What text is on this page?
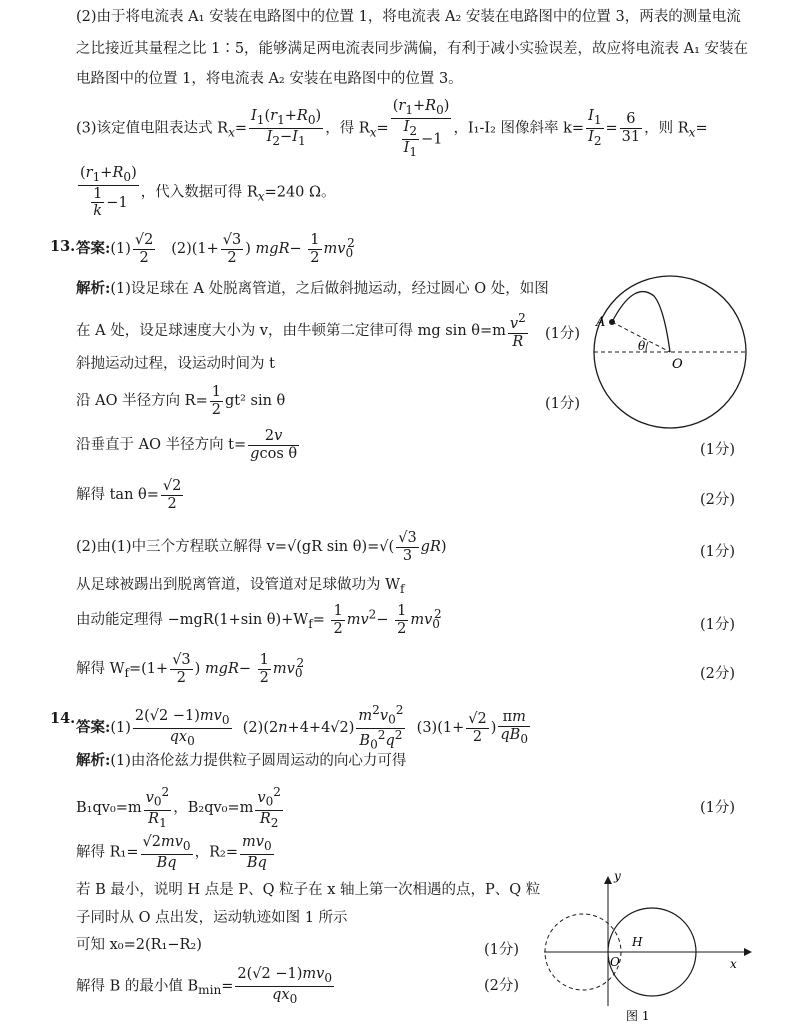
(2)由于将电流表 A₁ 安装在电路图中的位置 1，将电流表 A₂ 安装在电路图中的位置 3，两表的测量电流
之比接近其量程之比 1∶5，能够满足两电流表同步满偏，有利于减小实验误差，故应将电流表 A₁ 安装在
电路图中的位置 1，将电流表 A₂ 安装在电路图中的位置 3。
(3)该定值电阻表达式 $R_x= \frac{I_1(r_1+R_0)}{I_2-I_1}$ ，得 $R_x= \frac{(r_1+R_0)}{\frac{I_2}{I_1} -1}$ ，I₁-I₂ 图像斜率 $k= \frac{I_1}{I_2} = \frac{6}{31}$ ，则 $R_x=$
$\frac{(r_1+R_0)}{\frac{1}{k} -1}$ ，代入数据可得 $R_x=240$ Ω。
13. 答案:(1) $\frac{√2}{2} (2)(1+ \frac{√3}{2}$ ) $mgR- \frac{1}{2} mv_0^2$
解析:(1)设足球在 A 处脱离管道，之后做斜抛运动，经过圆心 O 处，如图
在 A 处，设足球速度大小为 v，由牛顿第二定律可得 mg $\sin \theta=m \frac{v^2}{R} (1$分)
斜抛运动过程，设运动时间为 t
沿 AO 半径方向 $R= \frac{1}{2} gt^2$ sin θ	(1分)
沿垂直于 AO 半径方向 $t= \frac{2v}{\text{gcos θ}}$	(1分)
解得 $\tan \theta= \frac{√2}{2}$	(2分)
(2)由(1)中三个方程联立解得 v=√(gR $\sin \theta)=√( \frac{√3}{3} gR)$	(1分)
从足球被踢出到脱离管道，设管道对足球做功为 $W_f$
由动能定理得 −mgR(1+sin $\theta)+W_f= \frac{1}{2} mv^2- \frac{1}{2} mv_0^2$
(1分)
解得 $W_f=(1+ \frac{√3}{2}$ ) $mgR- \frac{1}{2} mv_0^2$
(2分)
A
O
θ
14.
答案:(1) $\frac{2(√2 -1)mv_0}{qx_0} (2)(2n+4+4√2) \frac{m^2v_0^2}{B_0^2q^2} (3)(1+ \frac{√2}{2}$ ) $\frac{\pi m}{qB_0}$
解析:(1)由洛伦兹力提供粒子圆周运动的向心力可得
$B_1qv_0=m \frac{v_0^2}{R_1}$ ，$B_2qv_0=m \frac{v_0^2}{R_2}$	(1分)
解得 $R_1= \frac{√2mv_0}{Bq}$ ，$R_2= \frac{mv_0}{Bq}$
若 B 最小，说明 H 点是 P、Q 粒子在 x 轴上第一次相遇的点，P、Q 粒
子同时从 O 点出发，运动轨迹如图 1 所示
可知 x₀=2(R₁−R₂)	(1分)
解得 B 的最小值 $B_{min}= \frac{2(√2 -1)mv_0}{qx_0}$	(2分)
y
x
O
H
图 1
